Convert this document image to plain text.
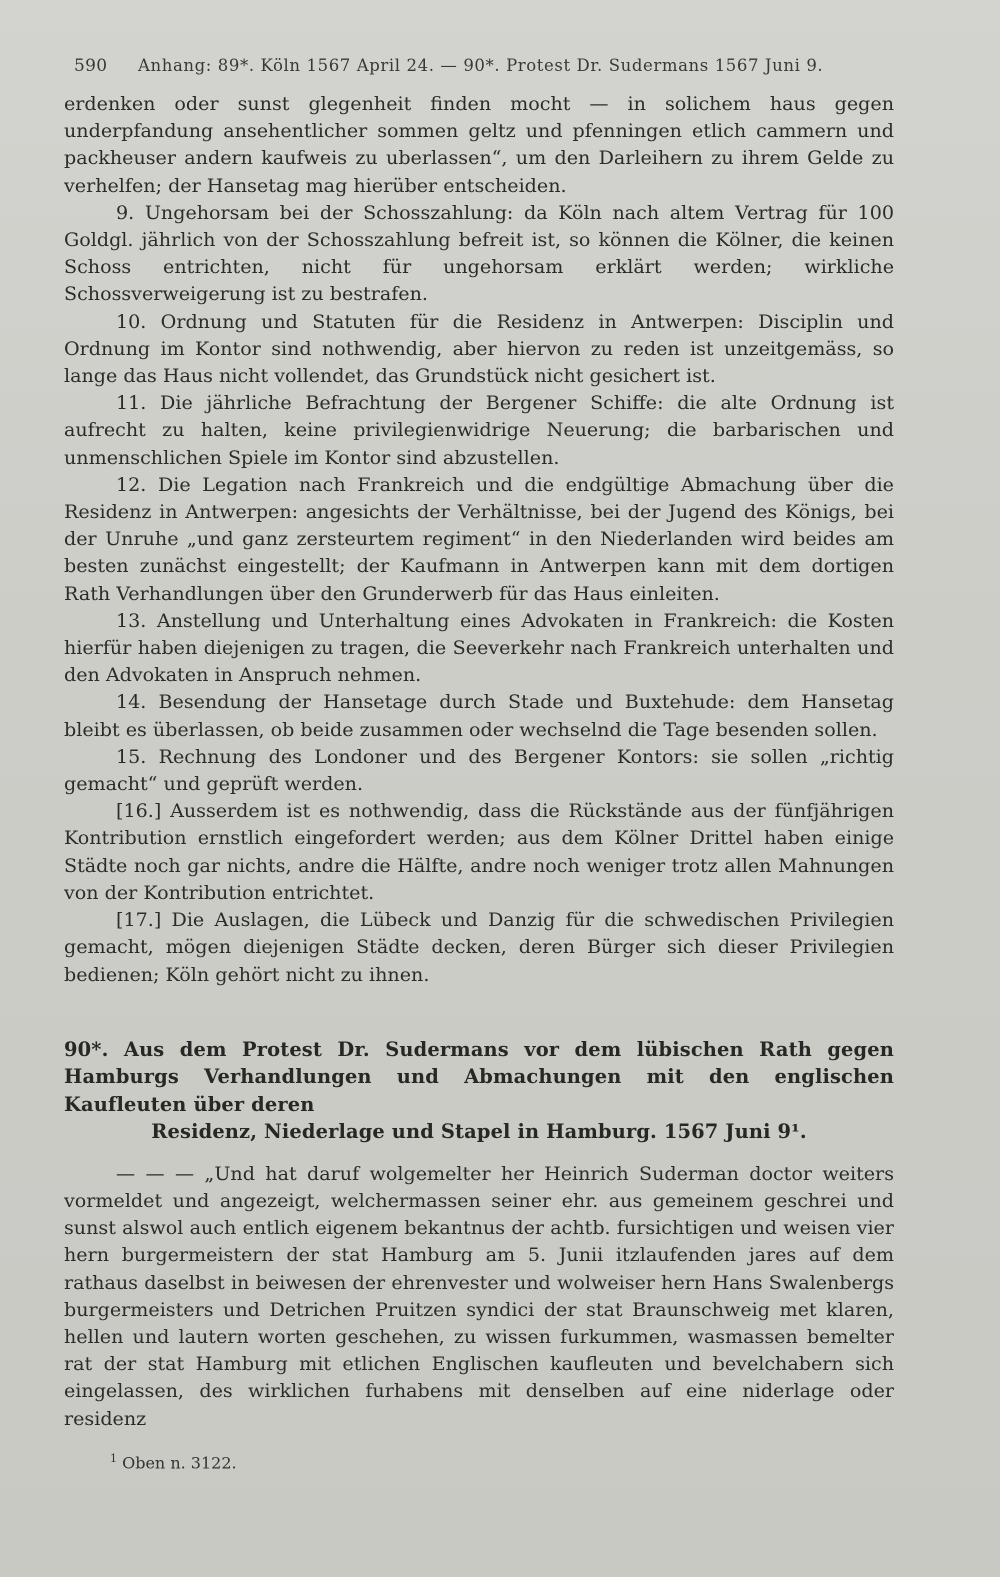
590	Anhang: 89*. Köln 1567 April 24. — 90*. Protest Dr. Sudermans 1567 Juni 9.

erdenken oder sunst glegenheit finden mocht — in solichem haus gegen underpfandung ansehentlicher sommen geltz und pfenningen etlich cammern und packheuser andern kaufweis zu uberlassen“, um den Darleihern zu ihrem Gelde zu verhelfen; der Hansetag mag hierüber entscheiden.

9. Ungehorsam bei der Schosszahlung: da Köln nach altem Vertrag für 100 Goldgl. jährlich von der Schosszahlung befreit ist, so können die Kölner, die keinen Schoss entrichten, nicht für ungehorsam erklärt werden; wirkliche Schossverweigerung ist zu bestrafen.

10. Ordnung und Statuten für die Residenz in Antwerpen: Disciplin und Ordnung im Kontor sind nothwendig, aber hiervon zu reden ist unzeitgemäss, so lange das Haus nicht vollendet, das Grundstück nicht gesichert ist.

11. Die jährliche Befrachtung der Bergener Schiffe: die alte Ordnung ist aufrecht zu halten, keine privilegienwidrige Neuerung; die barbarischen und unmenschlichen Spiele im Kontor sind abzustellen.

12. Die Legation nach Frankreich und die endgültige Abmachung über die Residenz in Antwerpen: angesichts der Verhältnisse, bei der Jugend des Königs, bei der Unruhe „und ganz zersteurtem regiment“ in den Niederlanden wird beides am besten zunächst eingestellt; der Kaufmann in Antwerpen kann mit dem dortigen Rath Verhandlungen über den Grunderwerb für das Haus einleiten.

13. Anstellung und Unterhaltung eines Advokaten in Frankreich: die Kosten hierfür haben diejenigen zu tragen, die Seeverkehr nach Frankreich unterhalten und den Advokaten in Anspruch nehmen.

14. Besendung der Hansetage durch Stade und Buxtehude: dem Hansetag bleibt es überlassen, ob beide zusammen oder wechselnd die Tage besenden sollen.

15. Rechnung des Londoner und des Bergener Kontors: sie sollen „richtig gemacht“ und geprüft werden.

[16.] Ausserdem ist es nothwendig, dass die Rückstände aus der fünfjährigen Kontribution ernstlich eingefordert werden; aus dem Kölner Drittel haben einige Städte noch gar nichts, andre die Hälfte, andre noch weniger trotz allen Mahnungen von der Kontribution entrichtet.

[17.] Die Auslagen, die Lübeck und Danzig für die schwedischen Privilegien gemacht, mögen diejenigen Städte decken, deren Bürger sich dieser Privilegien bedienen; Köln gehört nicht zu ihnen.

90*. Aus dem Protest Dr. Sudermans vor dem lübischen Rath gegen Hamburgs Verhandlungen und Abmachungen mit den englischen Kaufleuten über deren
Residenz, Niederlage und Stapel in Hamburg. 1567 Juni 9¹.

— — — „Und hat daruf wolgemelter her Heinrich Suderman doctor weiters vormeldet und angezeigt, welchermassen seiner ehr. aus gemeinem geschrei und sunst alswol auch entlich eigenem bekantnus der achtb. fursichtigen und weisen vier hern burgermeistern der stat Hamburg am 5. Junii itzlaufenden jares auf dem rathaus daselbst in beiwesen der ehrenvester und wolweiser hern Hans Swalenbergs burgermeisters und Detrichen Pruitzen syndici der stat Braunschweig met klaren, hellen und lautern worten geschehen, zu wissen furkummen, wasmassen bemelter rat der stat Hamburg mit etlichen Englischen kaufleuten und bevelchabern sich eingelassen, des wirklichen furhabens mit denselben auf eine niderlage oder residenz

$^1$ Oben n. 3122.
